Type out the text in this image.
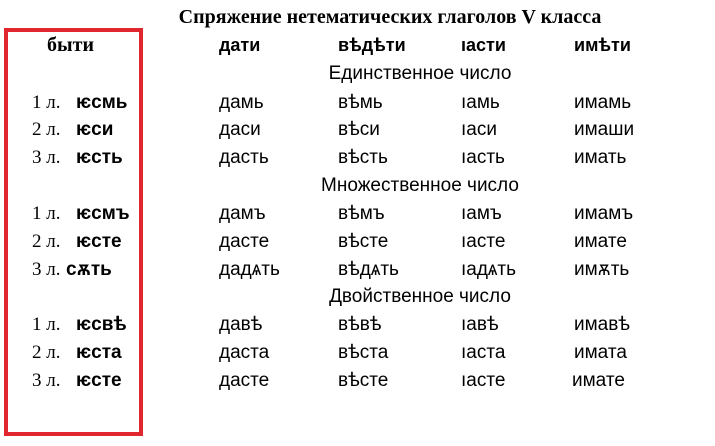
Спряжение нетематических глаголов V класса
быти	дати	вѣдѣти	ıасти	имѣти
Единственное число
1 л. ѥсмь	дамь	вѣмь	ıамь	имамь
2 л. ѥси	даси	вѣси	ıаси	имаши
3 л. ѥсть	дасть	вѣсть	ıасть	имать
Множественное число
1 л. ѥсмъ	дамъ	вѣмъ	ıамъ	имамъ
2 л. ѥсте	дасте	вѣсте	ıасте	имате
3 л. сѫть	дадѧть	вѣдѧть	ıадѧть	имѫть
Двойственное число
1 л. ѥсвѣ	давѣ	вѣвѣ	ıавѣ	имавѣ
2 л. ѥста	даста	вѣста	ıаста	имата
3 л. ѥсте	дасте	вѣсте	ıасте	имате
